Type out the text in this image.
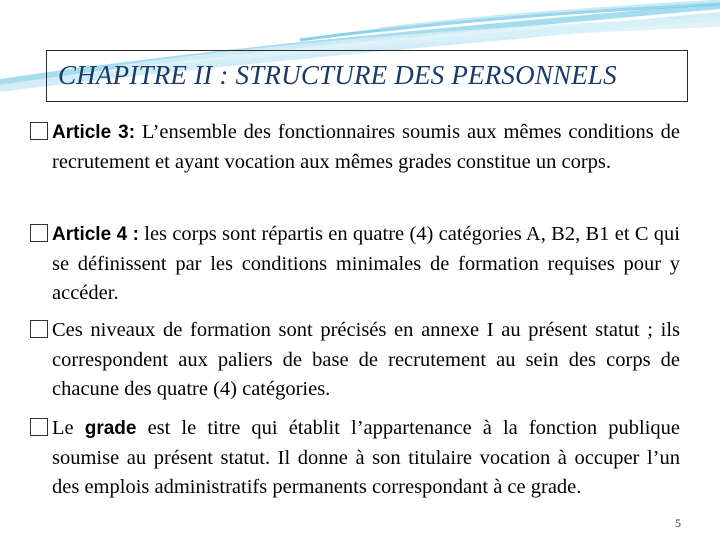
CHAPITRE II : STRUCTURE DES PERSONNELS
Article 3: L’ensemble des fonctionnaires soumis aux mêmes conditions de recrutement et ayant vocation aux mêmes grades constitue un corps.
Article 4 : les corps sont répartis en quatre (4) catégories A, B2, B1 et C qui se définissent par les conditions minimales de formation requises pour y accéder.
Ces niveaux de formation sont précisés en annexe I au présent statut ; ils correspondent aux paliers de base de recrutement au sein des corps de chacune des quatre (4) catégories.
Le grade est le titre qui établit l’appartenance à la fonction publique soumise au présent statut. Il donne à son titulaire vocation à occuper l’un des emplois administratifs permanents correspondant à ce grade.
5
